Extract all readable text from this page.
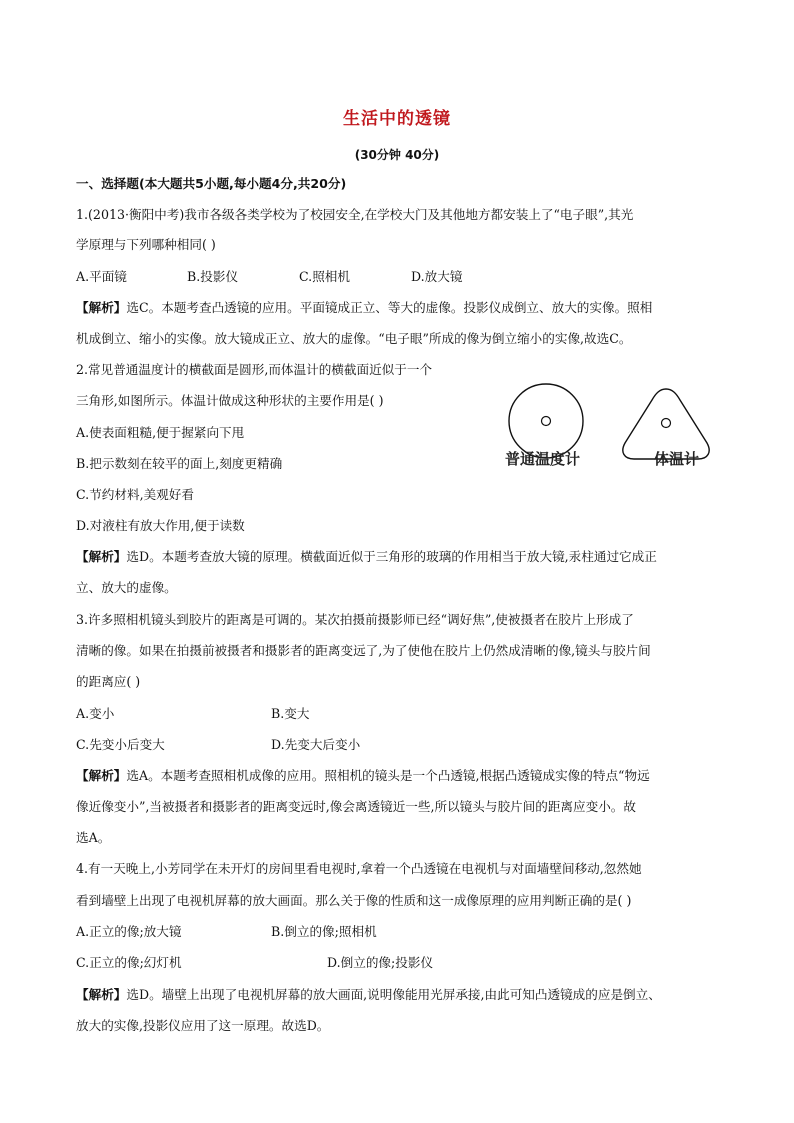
生活中的透镜
(30分钟 40分)
一、选择题(本大题共5小题,每小题4分,共20分)
1.(2013·衡阳中考)我市各级各类学校为了校园安全,在学校大门及其他地方都安装上了“电子眼”,其光
学原理与下列哪种相同( )
A.平面镜	B.投影仪	C.照相机	D.放大镜
【解析】选C。本题考查凸透镜的应用。平面镜成正立、等大的虚像。投影仪成倒立、放大的实像。照相
机成倒立、缩小的实像。放大镜成正立、放大的虚像。“电子眼”所成的像为倒立缩小的实像,故选C。
2.常见普通温度计的横截面是圆形,而体温计的横截面近似于一个
三角形,如图所示。体温计做成这种形状的主要作用是( )
A.使表面粗糙,便于握紧向下甩
B.把示数刻在较平的面上,刻度更精确
C.节约材料,美观好看
D.对液柱有放大作用,便于读数
【解析】选D。本题考查放大镜的原理。横截面近似于三角形的玻璃的作用相当于放大镜,汞柱通过它成正
立、放大的虚像。
普通温度计	体温计
3.许多照相机镜头到胶片的距离是可调的。某次拍摄前摄影师已经“调好焦”,使被摄者在胶片上形成了
清晰的像。如果在拍摄前被摄者和摄影者的距离变远了,为了使他在胶片上仍然成清晰的像,镜头与胶片间
的距离应( )
A.变小	B.变大
C.先变小后变大	D.先变大后变小
【解析】选A。本题考查照相机成像的应用。照相机的镜头是一个凸透镜,根据凸透镜成实像的特点“物远
像近像变小”,当被摄者和摄影者的距离变远时,像会离透镜近一些,所以镜头与胶片间的距离应变小。故
选A。
4.有一天晚上,小芳同学在未开灯的房间里看电视时,拿着一个凸透镜在电视机与对面墙壁间移动,忽然她
看到墙壁上出现了电视机屏幕的放大画面。那么关于像的性质和这一成像原理的应用判断正确的是( )
A.正立的像;放大镜	B.倒立的像;照相机
C.正立的像;幻灯机	D.倒立的像;投影仪
【解析】选D。墙壁上出现了电视机屏幕的放大画面,说明像能用光屏承接,由此可知凸透镜成的应是倒立、
放大的实像,投影仪应用了这一原理。故选D。
